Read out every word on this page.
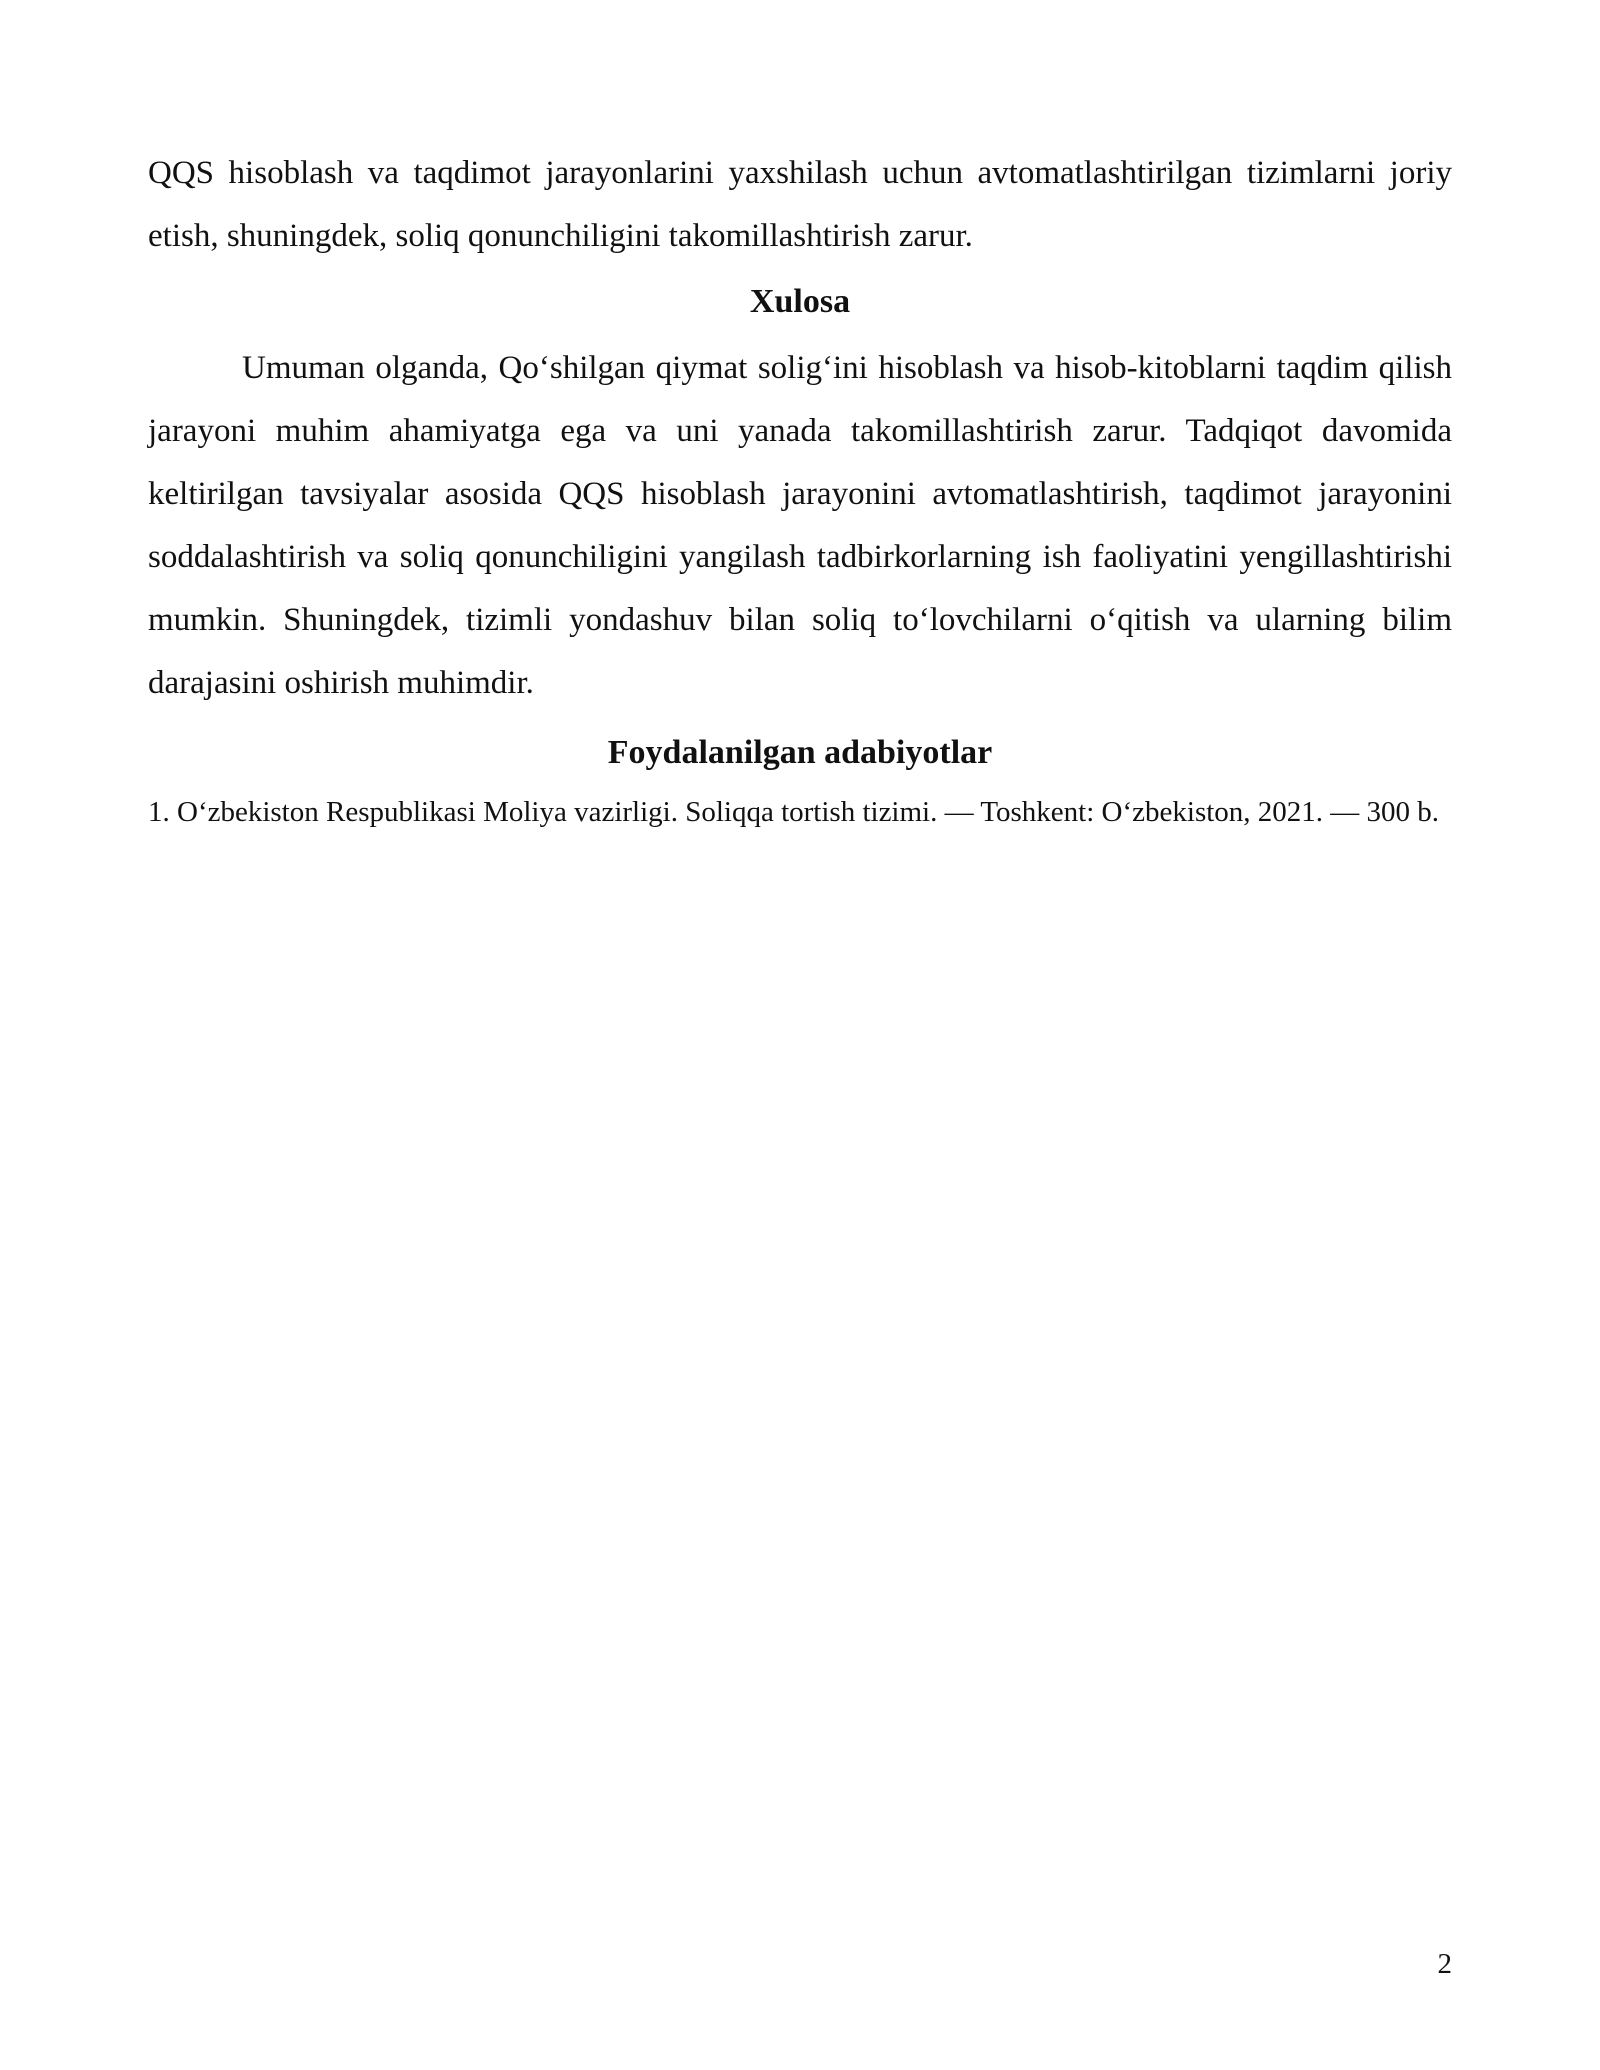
QQS hisoblash va taqdimot jarayonlarini yaxshilash uchun avtomatlashtirilgan tizimlarni joriy etish, shuningdek, soliq qonunchiligini takomillashtirish zarur.

Xulosa

Umuman olganda, Qo‘shilgan qiymat solig‘ini hisoblash va hisob-kitoblarni taqdim qilish jarayoni muhim ahamiyatga ega va uni yanada takomillashtirish zarur. Tadqiqot davomida keltirilgan tavsiyalar asosida QQS hisoblash jarayonini avtomatlashtirish, taqdimot jarayonini soddalashtirish va soliq qonunchiligini yangilash tadbirkorlarning ish faoliyatini yengillashtirishi mumkin. Shuningdek, tizimli yondashuv bilan soliq to‘lovchilarni o‘qitish va ularning bilim darajasini oshirish muhimdir.

Foydalanilgan adabiyotlar
1. O‘zbekiston Respublikasi Moliya vazirligi. Soliqqa tortish tizimi. — Toshkent: O‘zbekiston, 2021. — 300 b.
2
